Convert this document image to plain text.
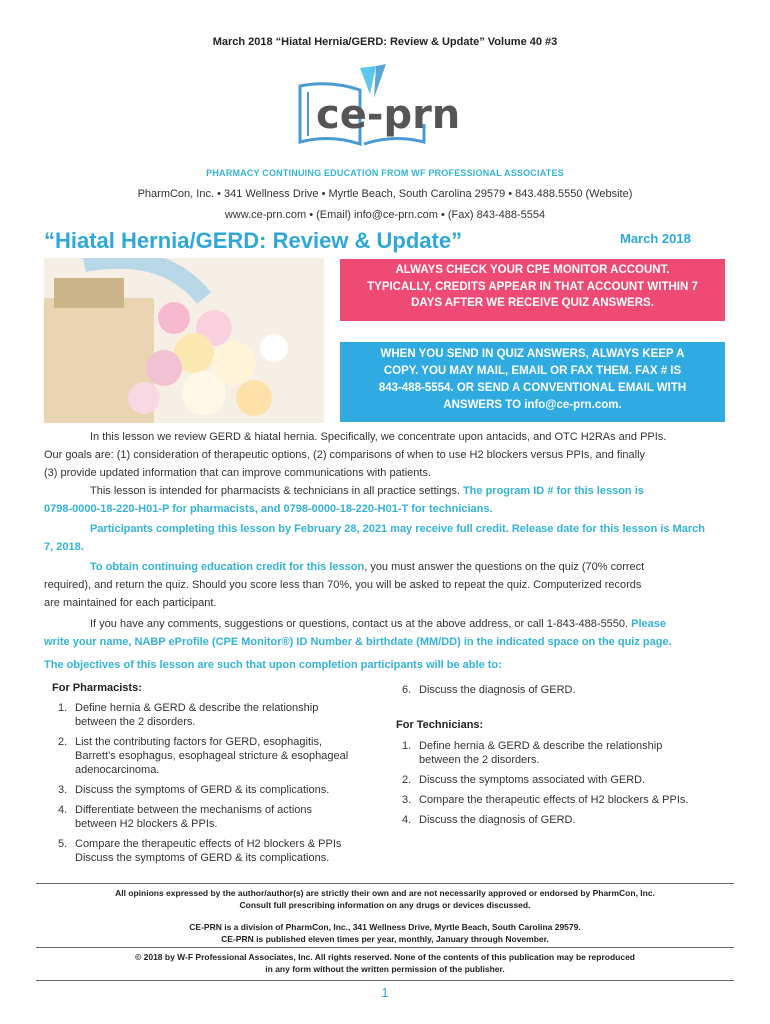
March 2018 “Hiatal Hernia/GERD: Review & Update” Volume 40 #3
ce-prn
PHARMACY CONTINUING EDUCATION FROM WF PROFESSIONAL ASSOCIATES
PharmCon, Inc. • 341 Wellness Drive • Myrtle Beach, South Carolina 29579 • 843.488.5550 (Website)
www.ce-prn.com • (Email) info@ce-prn.com • (Fax) 843-488-5554
“Hiatal Hernia/GERD: Review & Update”	March 2018
ALWAYS CHECK YOUR CPE MONITOR ACCOUNT.
TYPICALLY, CREDITS APPEAR IN THAT ACCOUNT WITHIN 7
DAYS AFTER WE RECEIVE QUIZ ANSWERS.
WHEN YOU SEND IN QUIZ ANSWERS, ALWAYS KEEP A
COPY. YOU MAY MAIL, EMAIL OR FAX THEM. FAX # IS
843-488-5554. OR SEND A CONVENTIONAL EMAIL WITH
ANSWERS TO info@ce-prn.com.
In this lesson we review GERD & hiatal hernia. Specifically, we concentrate upon antacids, and OTC H2RAs and PPIs.
Our goals are: (1) consideration of therapeutic options, (2) comparisons of when to use H2 blockers versus PPIs, and finally
(3) provide updated information that can improve communications with patients.
This lesson is intended for pharmacists & technicians in all practice settings. The program ID # for this lesson is
0798-0000-18-220-H01-P for pharmacists, and 0798-0000-18-220-H01-T for technicians.
Participants completing this lesson by February 28, 2021 may receive full credit. Release date for this lesson is March
7, 2018.
To obtain continuing education credit for this lesson, you must answer the questions on the quiz (70% correct
required), and return the quiz. Should you score less than 70%, you will be asked to repeat the quiz. Computerized records
are maintained for each participant.
If you have any comments, suggestions or questions, contact us at the above address, or call 1-843-488-5550. Please
write your name, NABP eProfile (CPE Monitor®) ID Number & birthdate (MM/DD) in the indicated space on the quiz page.
The objectives of this lesson are such that upon completion participants will be able to:
For Pharmacists:
1. Define hernia & GERD & describe the relationship
between the 2 disorders.
2. List the contributing factors for GERD, esophagitis,
Barrett’s esophagus, esophageal stricture & esophageal
adenocarcinoma.
3. Discuss the symptoms of GERD & its complications.
4. Differentiate between the mechanisms of actions
between H2 blockers & PPIs.
5. Compare the therapeutic effects of H2 blockers & PPIs
Discuss the symptoms of GERD & its complications.
6. Discuss the diagnosis of GERD.
For Technicians:
1. Define hernia & GERD & describe the relationship
between the 2 disorders.
2. Discuss the symptoms associated with GERD.
3. Compare the therapeutic effects of H2 blockers & PPIs.
4. Discuss the diagnosis of GERD.
All opinions expressed by the author/author(s) are strictly their own and are not necessarily approved or endorsed by PharmCon, Inc.
Consult full prescribing information on any drugs or devices discussed.
CE-PRN is a division of PharmCon, Inc., 341 Wellness Drive, Myrtle Beach, South Carolina 29579.
CE-PRN is published eleven times per year, monthly, January through November.
© 2018 by W-F Professional Associates, Inc. All rights reserved. None of the contents of this publication may be reproduced
in any form without the written permission of the publisher.
1
